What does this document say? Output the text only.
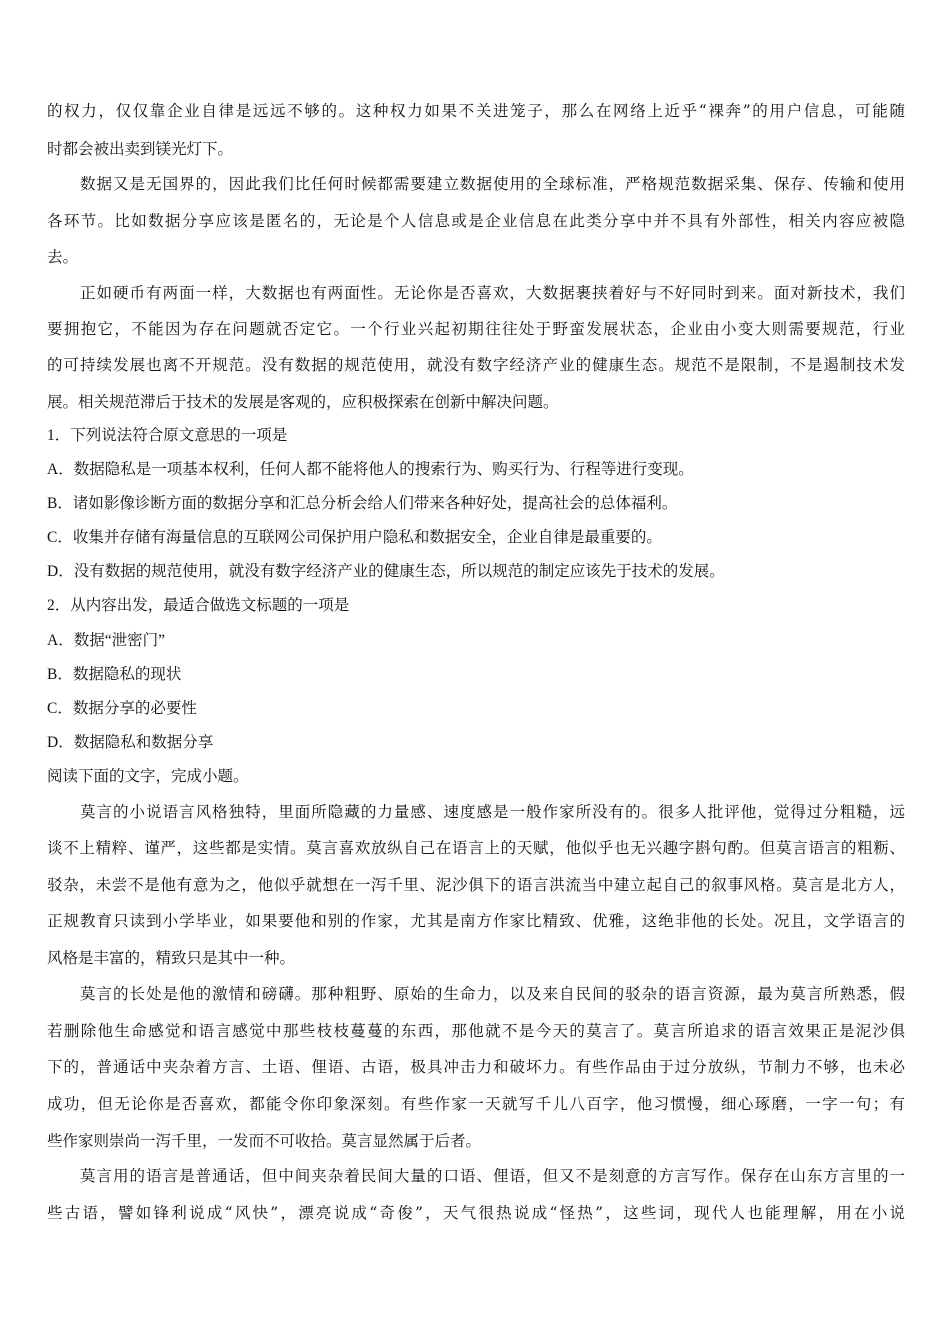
的权力，仅仅靠企业自律是远远不够的。这种权力如果不关进笼子，那么在网络上近乎“裸奔”的用户信息，可能随
时都会被出卖到镁光灯下。
数据又是无国界的，因此我们比任何时候都需要建立数据使用的全球标准，严格规范数据采集、保存、传输和使用
各环节。比如数据分享应该是匿名的，无论是个人信息或是企业信息在此类分享中并不具有外部性，相关内容应被隐
去。
正如硬币有两面一样，大数据也有两面性。无论你是否喜欢，大数据裹挟着好与不好同时到来。面对新技术，我们
要拥抱它，不能因为存在问题就否定它。一个行业兴起初期往往处于野蛮发展状态，企业由小变大则需要规范，行业
的可持续发展也离不开规范。没有数据的规范使用，就没有数字经济产业的健康生态。规范不是限制，不是遏制技术发
展。相关规范滞后于技术的发展是客观的，应积极探索在创新中解决问题。
1．下列说法符合原文意思的一项是
A．数据隐私是一项基本权利，任何人都不能将他人的搜索行为、购买行为、行程等进行变现。
B．诸如影像诊断方面的数据分享和汇总分析会给人们带来各种好处，提高社会的总体福利。
C．收集并存储有海量信息的互联网公司保护用户隐私和数据安全，企业自律是最重要的。
D．没有数据的规范使用，就没有数字经济产业的健康生态，所以规范的制定应该先于技术的发展。
2．从内容出发，最适合做选文标题的一项是
A．数据“泄密门”
B．数据隐私的现状
C．数据分享的必要性
D．数据隐私和数据分享
阅读下面的文字，完成小题。
莫言的小说语言风格独特，里面所隐藏的力量感、速度感是一般作家所没有的。很多人批评他，觉得过分粗糙，远
谈不上精粹、谨严，这些都是实情。莫言喜欢放纵自己在语言上的天赋，他似乎也无兴趣字斟句酌。但莫言语言的粗粝、
驳杂，未尝不是他有意为之，他似乎就想在一泻千里、泥沙俱下的语言洪流当中建立起自己的叙事风格。莫言是北方人，
正规教育只读到小学毕业，如果要他和别的作家，尤其是南方作家比精致、优雅，这绝非他的长处。况且，文学语言的
风格是丰富的，精致只是其中一种。
莫言的长处是他的激情和磅礴。那种粗野、原始的生命力，以及来自民间的驳杂的语言资源，最为莫言所熟悉，假
若删除他生命感觉和语言感觉中那些枝枝蔓蔓的东西，那他就不是今天的莫言了。莫言所追求的语言效果正是泥沙俱
下的，普通话中夹杂着方言、土语、俚语、古语，极具冲击力和破坏力。有些作品由于过分放纵，节制力不够，也未必
成功，但无论你是否喜欢，都能令你印象深刻。有些作家一天就写千儿八百字，他习惯慢，细心琢磨，一字一句；有
些作家则崇尚一泻千里，一发而不可收拾。莫言显然属于后者。
莫言用的语言是普通话，但中间夹杂着民间大量的口语、俚语，但又不是刻意的方言写作。保存在山东方言里的一
些古语，譬如锋利说成“风快”，漂亮说成“奇俊”，天气很热说成“怪热”，这些词，现代人也能理解，用在小说
